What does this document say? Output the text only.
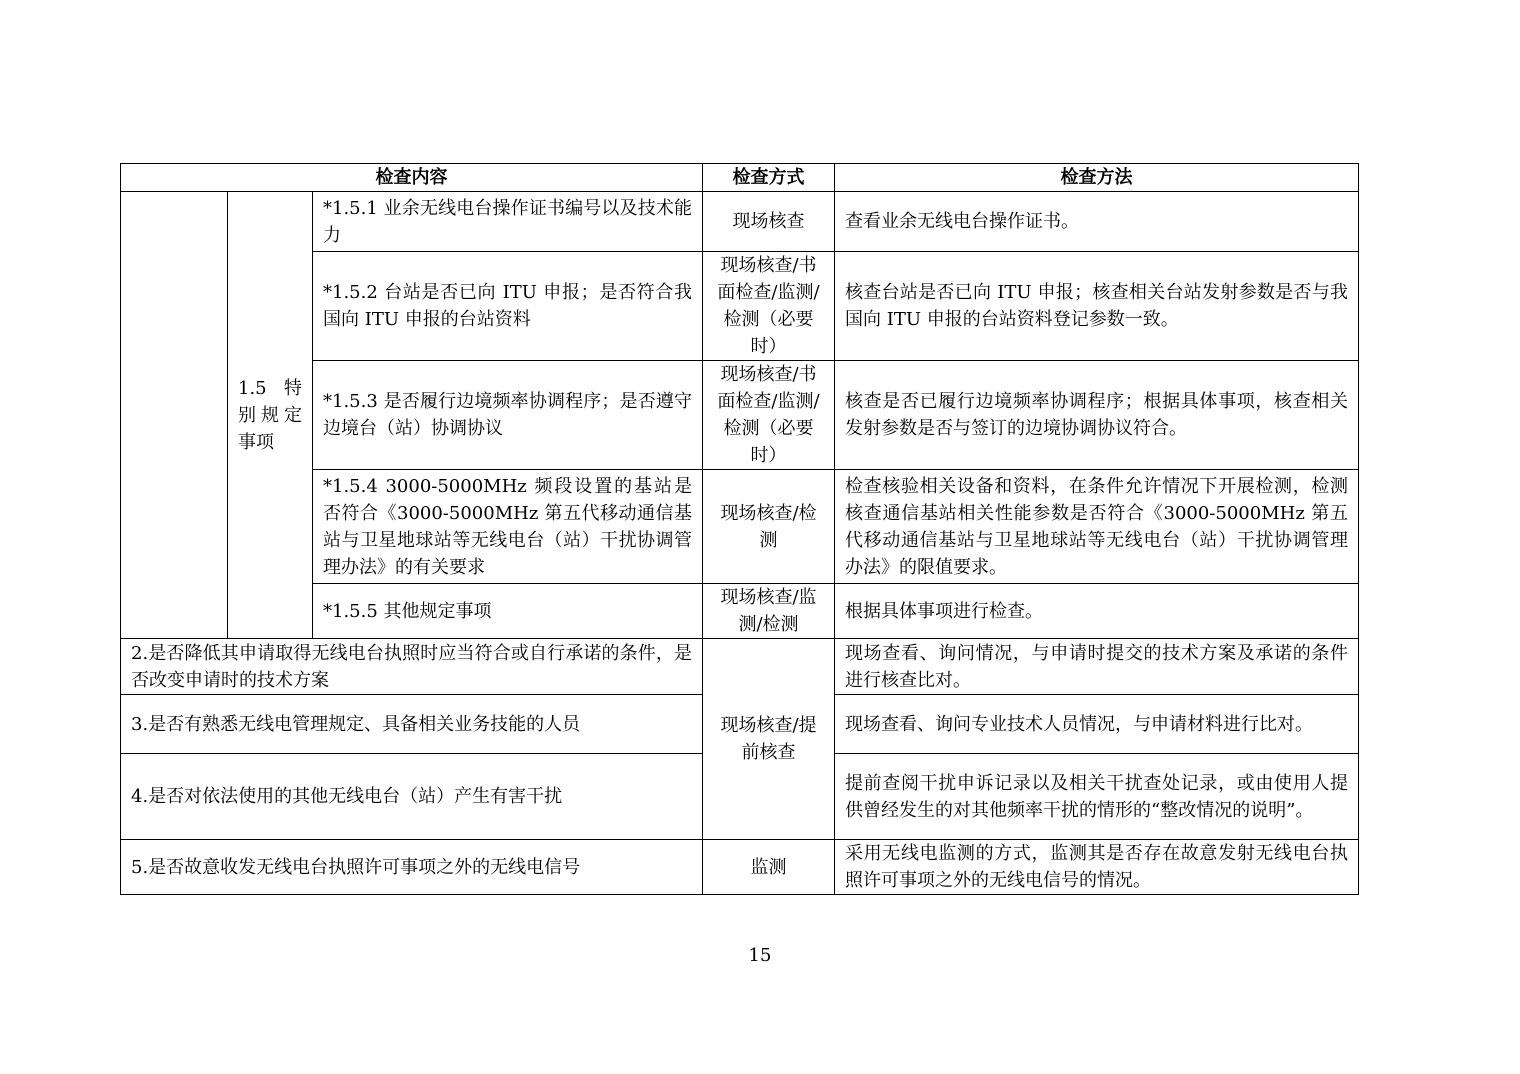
检查内容			检查方式	检查方法
	1.5 特别规定事项	*1.5.1 业余无线电台操作证书编号以及技术能力	现场核查	查看业余无线电台操作证书。
		*1.5.2 台站是否已向 ITU 申报；是否符合我国向 ITU 申报的台站资料	现场核查/书面检查/监测/检测（必要时）	核查台站是否已向 ITU 申报；核查相关台站发射参数是否与我国向 ITU 申报的台站资料登记参数一致。
		*1.5.3 是否履行边境频率协调程序；是否遵守边境台（站）协调协议	现场核查/书面检查/监测/检测（必要时）	核查是否已履行边境频率协调程序；根据具体事项，核查相关发射参数是否与签订的边境协调协议符合。
		*1.5.4 3000-5000MHz 频段设置的基站是否符合《3000-5000MHz 第五代移动通信基站与卫星地球站等无线电台（站）干扰协调管理办法》的有关要求	现场核查/检测	检查核验相关设备和资料，在条件允许情况下开展检测，检测核查通信基站相关性能参数是否符合《3000-5000MHz 第五代移动通信基站与卫星地球站等无线电台（站）干扰协调管理办法》的限值要求。
		*1.5.5 其他规定事项	现场核查/监测/检测	根据具体事项进行检查。
2.是否降低其申请取得无线电台执照时应当符合或自行承诺的条件，是否改变申请时的技术方案			现场核查/提前核查	现场查看、询问情况，与申请时提交的技术方案及承诺的条件进行核查比对。
3.是否有熟悉无线电管理规定、具备相关业务技能的人员				现场查看、询问专业技术人员情况，与申请材料进行比对。
4.是否对依法使用的其他无线电台（站）产生有害干扰				提前查阅干扰申诉记录以及相关干扰查处记录，或由使用人提供曾经发生的对其他频率干扰的情形的“整改情况的说明”。
5.是否故意收发无线电台执照许可事项之外的无线电信号			监测	采用无线电监测的方式，监测其是否存在故意发射无线电台执照许可事项之外的无线电信号的情况。
15
